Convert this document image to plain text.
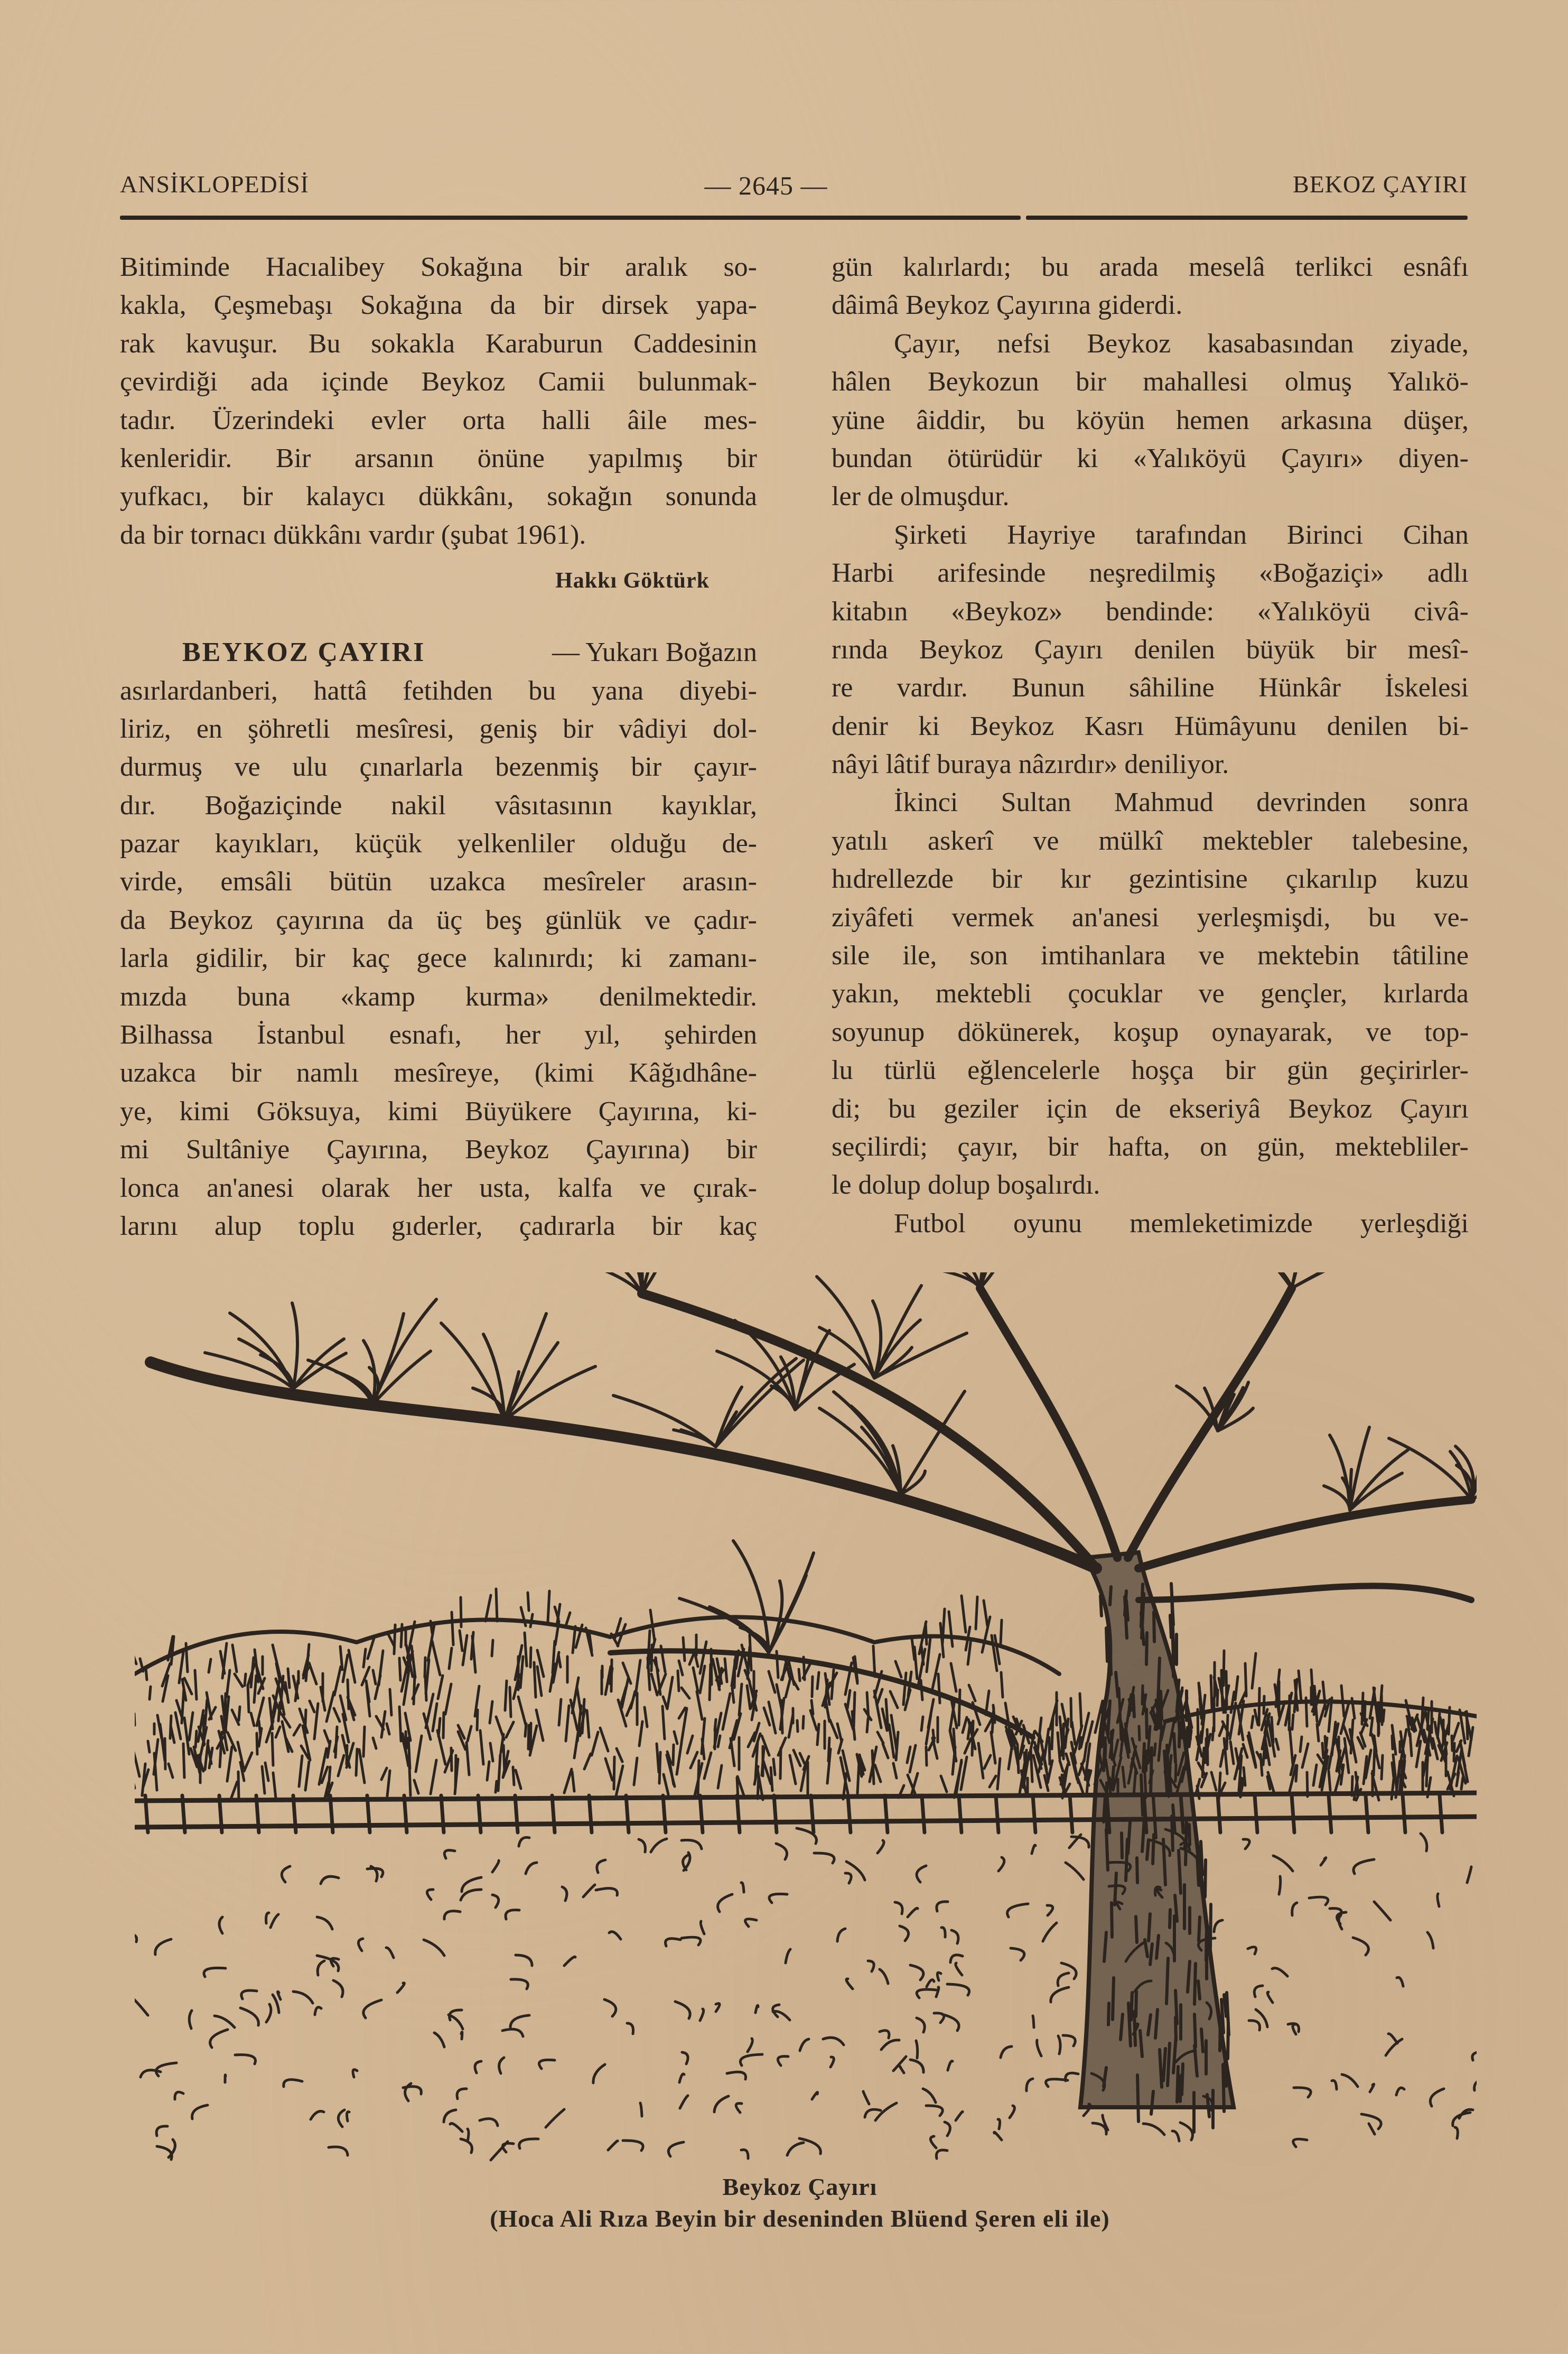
ANSİKLOPEDİSİ	— 2645 —	BEKOZ ÇAYIRI
Bitiminde Hacıalibey Sokağına bir aralık so-
kakla, Çeşmebaşı Sokağına da bir dirsek yapa-
rak kavuşur. Bu sokakla Karaburun Caddesinin
çevirdiği ada içinde Beykoz Camii bulunmak-
tadır. Üzerindeki evler orta halli âile mes-
kenleridir. Bir arsanın önüne yapılmış bir
yufkacı, bir kalaycı dükkânı, sokağın sonunda
da bir tornacı dükkânı vardır (şubat 1961).
Hakkı Göktürk
BEYKOZ ÇAYIRI	— Yukarı Boğazın
asırlardanberi, hattâ fetihden bu yana diyebi-
liriz, en şöhretli mesîresi, geniş bir vâdiyi dol-
durmuş ve ulu çınarlarla bezenmiş bir çayır-
dır. Boğaziçinde nakil vâsıtasının kayıklar,
pazar kayıkları, küçük yelkenliler olduğu de-
virde, emsâli bütün uzakca mesîreler arasın-
da Beykoz çayırına da üç beş günlük ve çadır-
larla gidilir, bir kaç gece kalınırdı; ki zamanı-
mızda buna «kamp kurma» denilmektedir.
Bilhassa İstanbul esnafı, her yıl, şehirden
uzakca bir namlı mesîreye, (kimi Kâğıdhâne-
ye, kimi Göksuya, kimi Büyükere Çayırına, ki-
mi Sultâniye Çayırına, Beykoz Çayırına) bir
lonca an'anesi olarak her usta, kalfa ve çırak-
larını alup toplu gıderler, çadırarla bir kaç
gün kalırlardı; bu arada meselâ terlikci esnâfı
dâimâ Beykoz Çayırına giderdi.
Çayır, nefsi Beykoz kasabasından ziyade,
hâlen Beykozun bir mahallesi olmuş Yalıkö-
yüne âiddir, bu köyün hemen arkasına düşer,
bundan ötürüdür ki «Yalıköyü Çayırı» diyen-
ler de olmuşdur.
Şirketi Hayriye tarafından Birinci Cihan
Harbi arifesinde neşredilmiş «Boğaziçi» adlı
kitabın «Beykoz» bendinde: «Yalıköyü civâ-
rında Beykoz Çayırı denilen büyük bir mesî-
re vardır. Bunun sâhiline Hünkâr İskelesi
denir ki Beykoz Kasrı Hümâyunu denilen bi-
nâyi lâtif buraya nâzırdır» deniliyor.
İkinci Sultan Mahmud devrinden sonra
yatılı askerî ve mülkî mektebler talebesine,
hıdrellezde bir kır gezintisine çıkarılıp kuzu
ziyâfeti vermek an'anesi yerleşmişdi, bu ve-
sile ile, son imtihanlara ve mektebin tâtiline
yakın, mektebli çocuklar ve gençler, kırlarda
soyunup dökünerek, koşup oynayarak, ve top-
lu türlü eğlencelerle hoşça bir gün geçirirler-
di; bu geziler için de ekseriyâ Beykoz Çayırı
seçilirdi; çayır, bir hafta, on gün, mektebliler-
le dolup dolup boşalırdı.
Futbol oyunu memleketimizde yerleşdiği
Beykoz Çayırı
(Hoca Ali Rıza Beyin bir deseninden Blüend Şeren eli ile)
